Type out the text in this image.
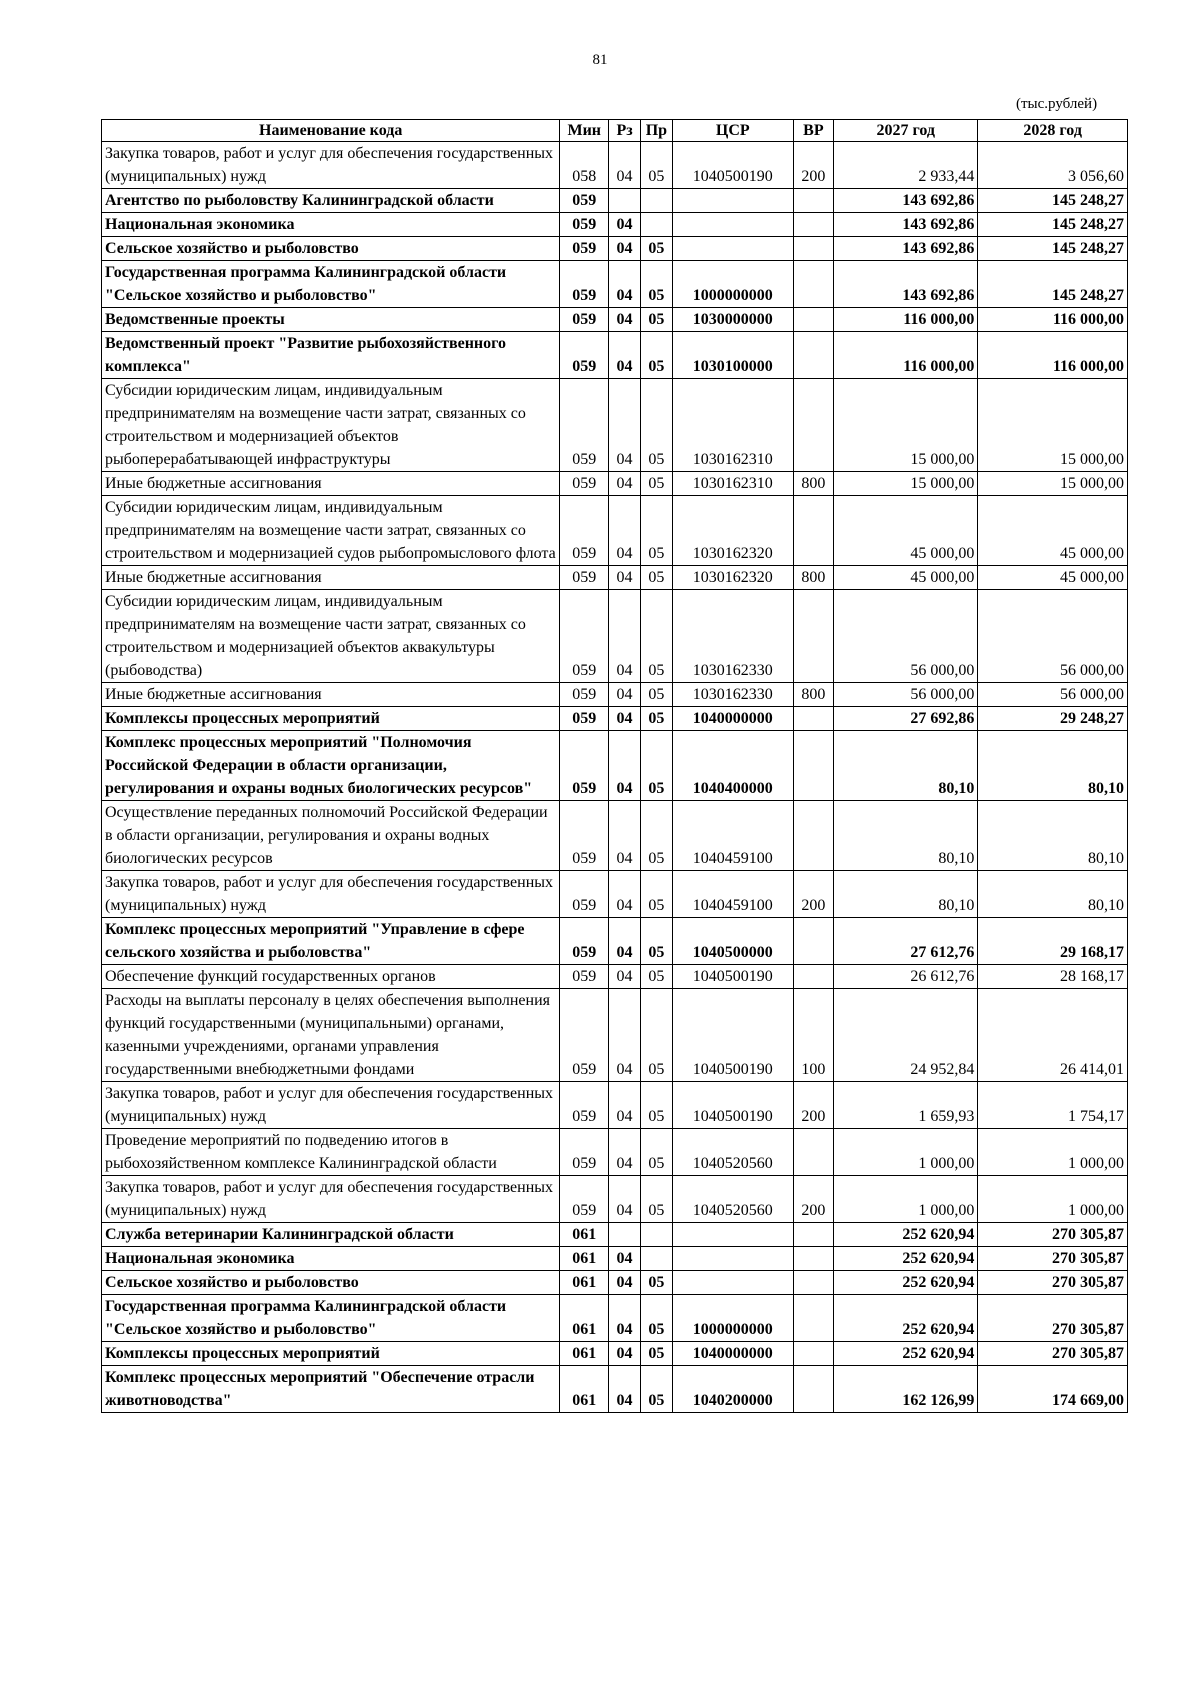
81
(тыс.рублей)
Наименование кода	Мин	Рз	Пр	ЦСР	ВР	2027 год	2028 год
Закупка товаров, работ и услуг для обеспечения государственных (муниципальных) нужд	058	04	05	1040500190	200	2 933,44	3 056,60
Агентство по рыболовству Калининградской области	059					143 692,86	145 248,27
Национальная экономика	059	04				143 692,86	145 248,27
Сельское хозяйство и рыболовство	059	04	05			143 692,86	145 248,27
Государственная программа Калининградской области "Сельское хозяйство и рыболовство"	059	04	05	1000000000		143 692,86	145 248,27
Ведомственные проекты	059	04	05	1030000000		116 000,00	116 000,00
Ведомственный проект "Развитие рыбохозяйственного комплекса"	059	04	05	1030100000		116 000,00	116 000,00
Субсидии юридическим лицам, индивидуальным предпринимателям на возмещение части затрат, связанных со строительством и модернизацией объектов рыбоперерабатывающей инфраструктуры	059	04	05	1030162310		15 000,00	15 000,00
Иные бюджетные ассигнования	059	04	05	1030162310	800	15 000,00	15 000,00
Субсидии юридическим лицам, индивидуальным предпринимателям на возмещение части затрат, связанных со строительством и модернизацией судов рыбопромыслового флота	059	04	05	1030162320		45 000,00	45 000,00
Иные бюджетные ассигнования	059	04	05	1030162320	800	45 000,00	45 000,00
Субсидии юридическим лицам, индивидуальным предпринимателям на возмещение части затрат, связанных со строительством и модернизацией объектов аквакультуры (рыбоводства)	059	04	05	1030162330		56 000,00	56 000,00
Иные бюджетные ассигнования	059	04	05	1030162330	800	56 000,00	56 000,00
Комплексы процессных мероприятий	059	04	05	1040000000		27 692,86	29 248,27
Комплекс процессных мероприятий "Полномочия Российской Федерации в области организации, регулирования и охраны водных биологических ресурсов"	059	04	05	1040400000		80,10	80,10
Осуществление переданных полномочий Российской Федерации в области организации, регулирования и охраны водных биологических ресурсов	059	04	05	1040459100		80,10	80,10
Закупка товаров, работ и услуг для обеспечения государственных (муниципальных) нужд	059	04	05	1040459100	200	80,10	80,10
Комплекс процессных мероприятий "Управление в сфере сельского хозяйства и рыболовства"	059	04	05	1040500000		27 612,76	29 168,17
Обеспечение функций государственных органов	059	04	05	1040500190		26 612,76	28 168,17
Расходы на выплаты персоналу в целях обеспечения выполнения функций государственными (муниципальными) органами, казенными учреждениями, органами управления государственными внебюджетными фондами	059	04	05	1040500190	100	24 952,84	26 414,01
Закупка товаров, работ и услуг для обеспечения государственных (муниципальных) нужд	059	04	05	1040500190	200	1 659,93	1 754,17
Проведение мероприятий по подведению итогов в рыбохозяйственном комплексе Калининградской области	059	04	05	1040520560		1 000,00	1 000,00
Закупка товаров, работ и услуг для обеспечения государственных (муниципальных) нужд	059	04	05	1040520560	200	1 000,00	1 000,00
Служба ветеринарии Калининградской области	061					252 620,94	270 305,87
Национальная экономика	061	04				252 620,94	270 305,87
Сельское хозяйство и рыболовство	061	04	05			252 620,94	270 305,87
Государственная программа Калининградской области "Сельское хозяйство и рыболовство"	061	04	05	1000000000		252 620,94	270 305,87
Комплексы процессных мероприятий	061	04	05	1040000000		252 620,94	270 305,87
Комплекс процессных мероприятий "Обеспечение отрасли животноводства"	061	04	05	1040200000		162 126,99	174 669,00
